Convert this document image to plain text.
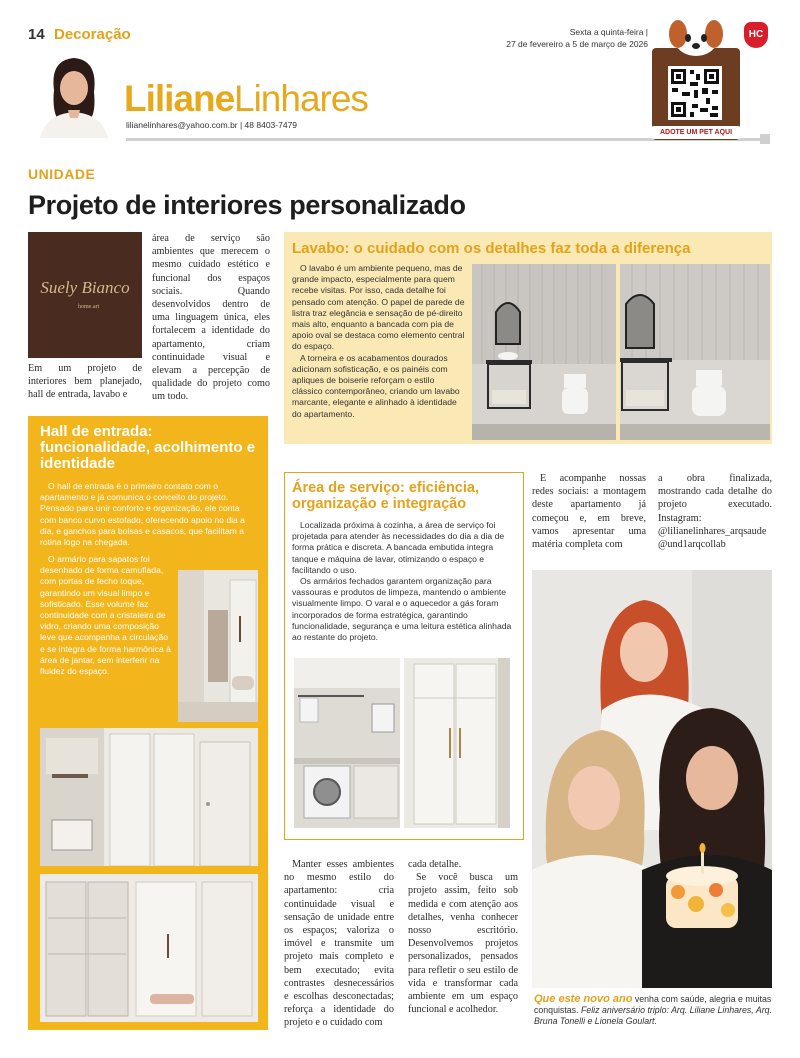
14 Decoração	Sexta a quinta-feira |
27 de fevereiro a 5 de março de 2026
Liliane Linhares
lilianelinhares@yahoo.com.br | 48 8403-7479
ADOTE UM PET AQUI
HC
UNIDADE
Projeto de interiores personalizado
Suely Bianco
home.art
Em um projeto de interiores bem planejado, hall de entrada, lavabo e
área de serviço são ambientes que merecem o mesmo cuidado estético e funcional dos espaços sociais. Quando desenvolvidos dentro de uma linguagem única, eles fortalecem a identidade do apartamento, criam continuidade visual e elevam a percepção de qualidade do projeto como um todo.
Hall de entrada: funcionalidade, acolhimento e identidade
O hall de entrada é o primeiro contato com o apartamento e já comunica o conceito do projeto. Pensado para unir conforto e organização, ele conta com banco curvo estofado, oferecendo apoio no dia a dia, e ganchos para bolsas e casacos, que facilitam a rotina logo na chegada.
O armário para sapatos foi desenhado de forma camuflada, com portas de fecho toque, garantindo um visual limpo e sofisticado. Esse volume faz continuidade com a cristaleira de vidro, criando uma composição leve que acompanha a circulação e se integra de forma harmônica à área de jantar, sem interferir na fluidez do espaço.
Lavabo: o cuidado com os detalhes faz toda a diferença

O lavabo é um ambiente pequeno, mas de grande impacto, especialmente para quem recebe visitas. Por isso, cada detalhe foi pensado com atenção. O papel de parede de listra traz elegância e sensação de pé-direito mais alto, enquanto a bancada com pia de apoio oval se destaca como elemento central do espaço.

A torneira e os acabamentos dourados adicionam sofisticação, e os painéis com apliques de boiserie reforçam o estilo clássico contemporâneo, criando um lavabo marcante, elegante e alinhado à identidade do apartamento.

Área de serviço: eficiência, organização e integração

Localizada próxima à cozinha, a área de serviço foi projetada para atender às necessidades do dia a dia de forma prática e discreta. A bancada embutida integra tanque e máquina de lavar, otimizando o espaço e facilitando o uso.

Os armários fechados garantem organização para vassouras e produtos de limpeza, mantendo o ambiente visualmente limpo. O varal e o aquecedor a gás foram incorporados de forma estratégica, garantindo funcionalidade, segurança e uma leitura estética alinhada ao restante do projeto.

E acompanhe nossas redes sociais: a montagem deste apartamento já começou e, em breve, vamos apresentar uma matéria completa com
a obra finalizada, mostrando cada detalhe do projeto executado. Instagram: @lilianelinhares_arqsaude @und1arqcollab
Manter esses ambientes no mesmo estilo do apartamento: cria continuidade visual e sensação de unidade entre os espaços; valoriza o imóvel e transmite um projeto mais completo e bem executado; evita contrastes desnecessários e escolhas desconectadas; reforça a identidade do projeto e o cuidado com

cada detalhe.

Se você busca um projeto assim, feito sob medida e com atenção aos detalhes, venha conhecer nosso escritório. Desenvolvemos projetos personalizados, pensados para refletir o seu estilo de vida e transformar cada ambiente em um espaço funcional e acolhedor.

Que este novo ano venha com saúde, alegria e muitas conquistas. Feliz aniversário triplo: Arq. Liliane Linhares, Arq. Bruna Tonelli e Lionela Goulart.
